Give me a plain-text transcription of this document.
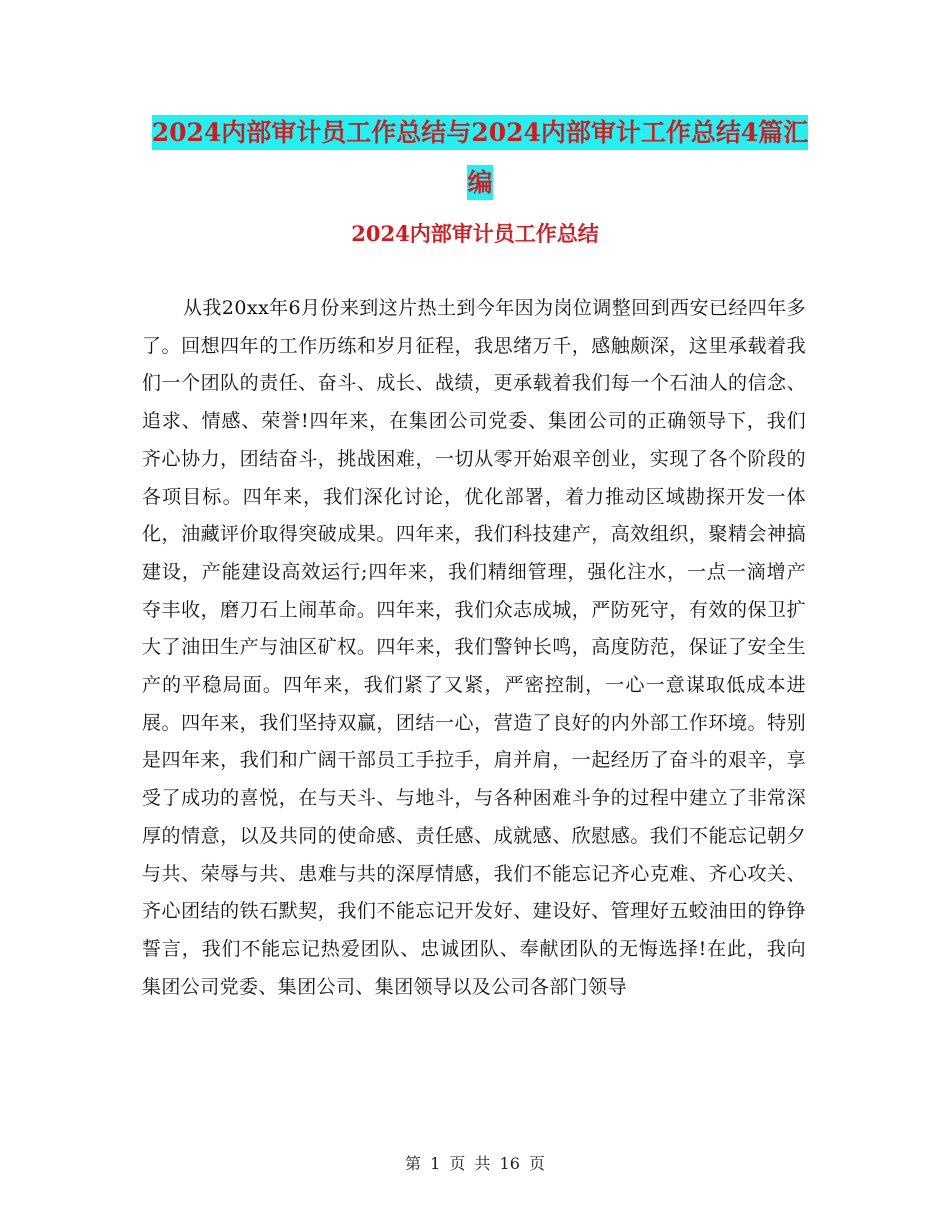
2024内部审计员工作总结与2024内部审计工作总结4篇汇编
2024内部审计员工作总结

从我20xx年6月份来到这片热土到今年因为岗位调整回到西安已经四年多了。回想四年的工作历练和岁月征程，我思绪万千，感触颇深，这里承载着我们一个团队的责任、奋斗、成长、战绩，更承载着我们每一个石油人的信念、追求、情感、荣誉!四年来，在集团公司党委、集团公司的正确领导下，我们齐心协力，团结奋斗，挑战困难，一切从零开始艰辛创业，实现了各个阶段的各项目标。四年来，我们深化讨论，优化部署，着力推动区域勘探开发一体化，油藏评价取得突破成果。四年来，我们科技建产，高效组织，聚精会神搞建设，产能建设高效运行;四年来，我们精细管理，强化注水，一点一滴增产夺丰收，磨刀石上闹革命。四年来，我们众志成城，严防死守，有效的保卫扩大了油田生产与油区矿权。四年来，我们警钟长鸣，高度防范，保证了安全生产的平稳局面。四年来，我们紧了又紧，严密控制，一心一意谋取低成本进展。四年来，我们坚持双赢，团结一心，营造了良好的内外部工作环境。特别是四年来，我们和广阔干部员工手拉手，肩并肩，一起经历了奋斗的艰辛，享受了成功的喜悦，在与天斗、与地斗，与各种困难斗争的过程中建立了非常深厚的情意，以及共同的使命感、责任感、成就感、欣慰感。我们不能忘记朝夕与共、荣辱与共、患难与共的深厚情感，我们不能忘记齐心克难、齐心攻关、齐心团结的铁石默契，我们不能忘记开发好、建设好、管理好五蛟油田的铮铮誓言，我们不能忘记热爱团队、忠诚团队、奉献团队的无悔选择!在此，我向集团公司党委、集团公司、集团领导以及公司各部门领导

第 1 页 共 16 页
